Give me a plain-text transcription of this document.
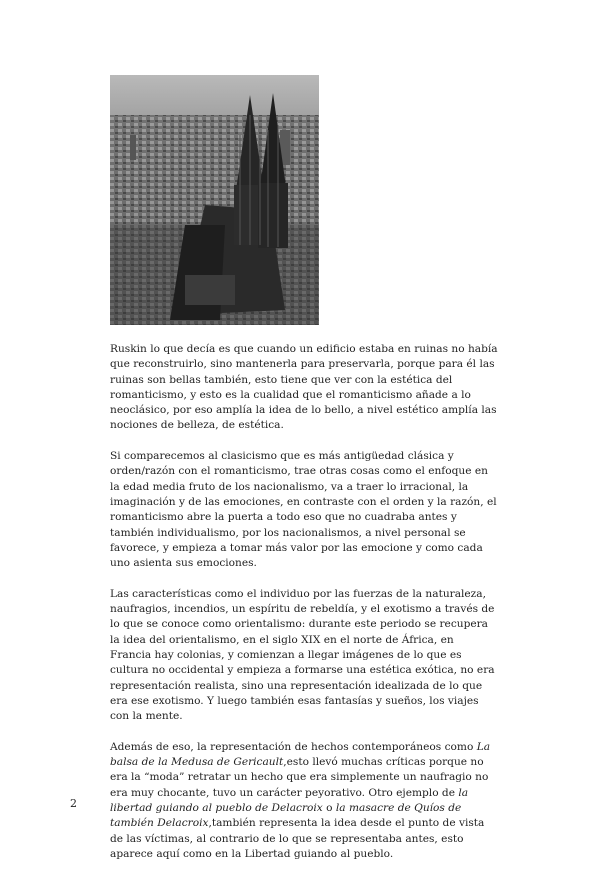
Ruskin lo que decía es que cuando un edificio estaba en ruinas no había que reconstruirlo, sino mantenerla para preservarla, porque para él las ruinas son bellas también, esto tiene que ver con la estética del romanticismo, y esto es la cualidad que el romanticismo añade a lo neoclásico, por eso amplía la idea de lo bello, a nivel estético amplía las nociones de belleza, de estética.

Si comparecemos al clasicismo que es más antigüedad clásica y orden/razón con el romanticismo, trae otras cosas como el enfoque en la edad media fruto de los nacionalismo, va a traer lo irracional, la imaginación y de las emociones, en contraste con el orden y la razón, el romanticismo abre la puerta a todo eso que no cuadraba antes y también individualismo, por los nacionalismos, a nivel personal se favorece, y empieza a tomar más valor por las emocione y como cada uno asienta sus emociones.

Las características como el individuo por las fuerzas de la naturaleza, naufragios, incendios, un espíritu de rebeldía, y el exotismo a través de lo que se conoce como orientalismo: durante este periodo se recupera la idea del orientalismo, en el siglo XIX en el norte de África, en Francia hay colonias, y comienzan a llegar imágenes de lo que es cultura no occidental y empieza a formarse una estética exótica, no era representación realista, sino una representación idealizada de lo que era ese exotismo. Y luego también esas fantasías y sueños, los viajes con la mente.

Además de eso, la representación de hechos contemporáneos como La balsa de la Medusa de Gericault,esto llevó muchas críticas porque no era la “moda” retratar un hecho que era simplemente un naufragio no era muy chocante, tuvo un carácter peyorativo. Otro ejemplo de la libertad guiando al pueblo de Delacroix o la masacre de Quíos de también Delacroix,también representa la idea desde el punto de vista de las víctimas, al contrario de lo que se representaba antes, esto aparece aquí como en la Libertad guiando al pueblo.

2
